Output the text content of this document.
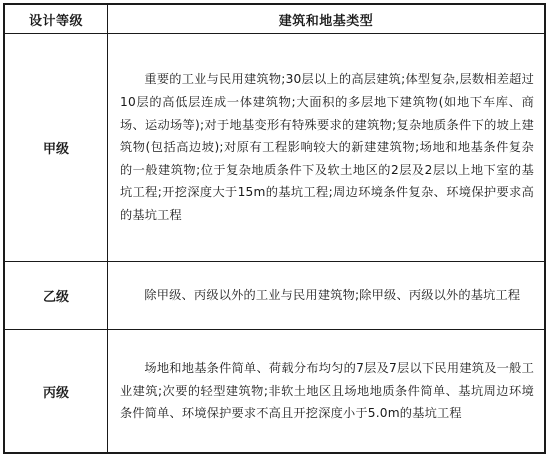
设计等级	建筑和地基类型
甲级
重要的工业与民用建筑物;30层以上的高层建筑;体型复杂,层数相差超过10层的高低层连成一体建筑物;大面积的多层地下建筑物(如地下车库、商场、运动场等);对于地基变形有特殊要求的建筑物;复杂地质条件下的坡上建筑物(包括高边坡);对原有工程影响较大的新建建筑物;场地和地基条件复杂的一般建筑物;位于复杂地质条件下及软土地区的2层及2层以上地下室的基坑工程;开挖深度大于15m的基坑工程;周边环境条件复杂、环境保护要求高的基坑工程
乙级	除甲级、丙级以外的工业与民用建筑物;除甲级、丙级以外的基坑工程
丙级
场地和地基条件简单、荷载分布均匀的7层及7层以下民用建筑及一般工业建筑;次要的轻型建筑物;非软土地区且场地地质条件简单、基坑周边环境条件简单、环境保护要求不高且开挖深度小于5.0m的基坑工程
